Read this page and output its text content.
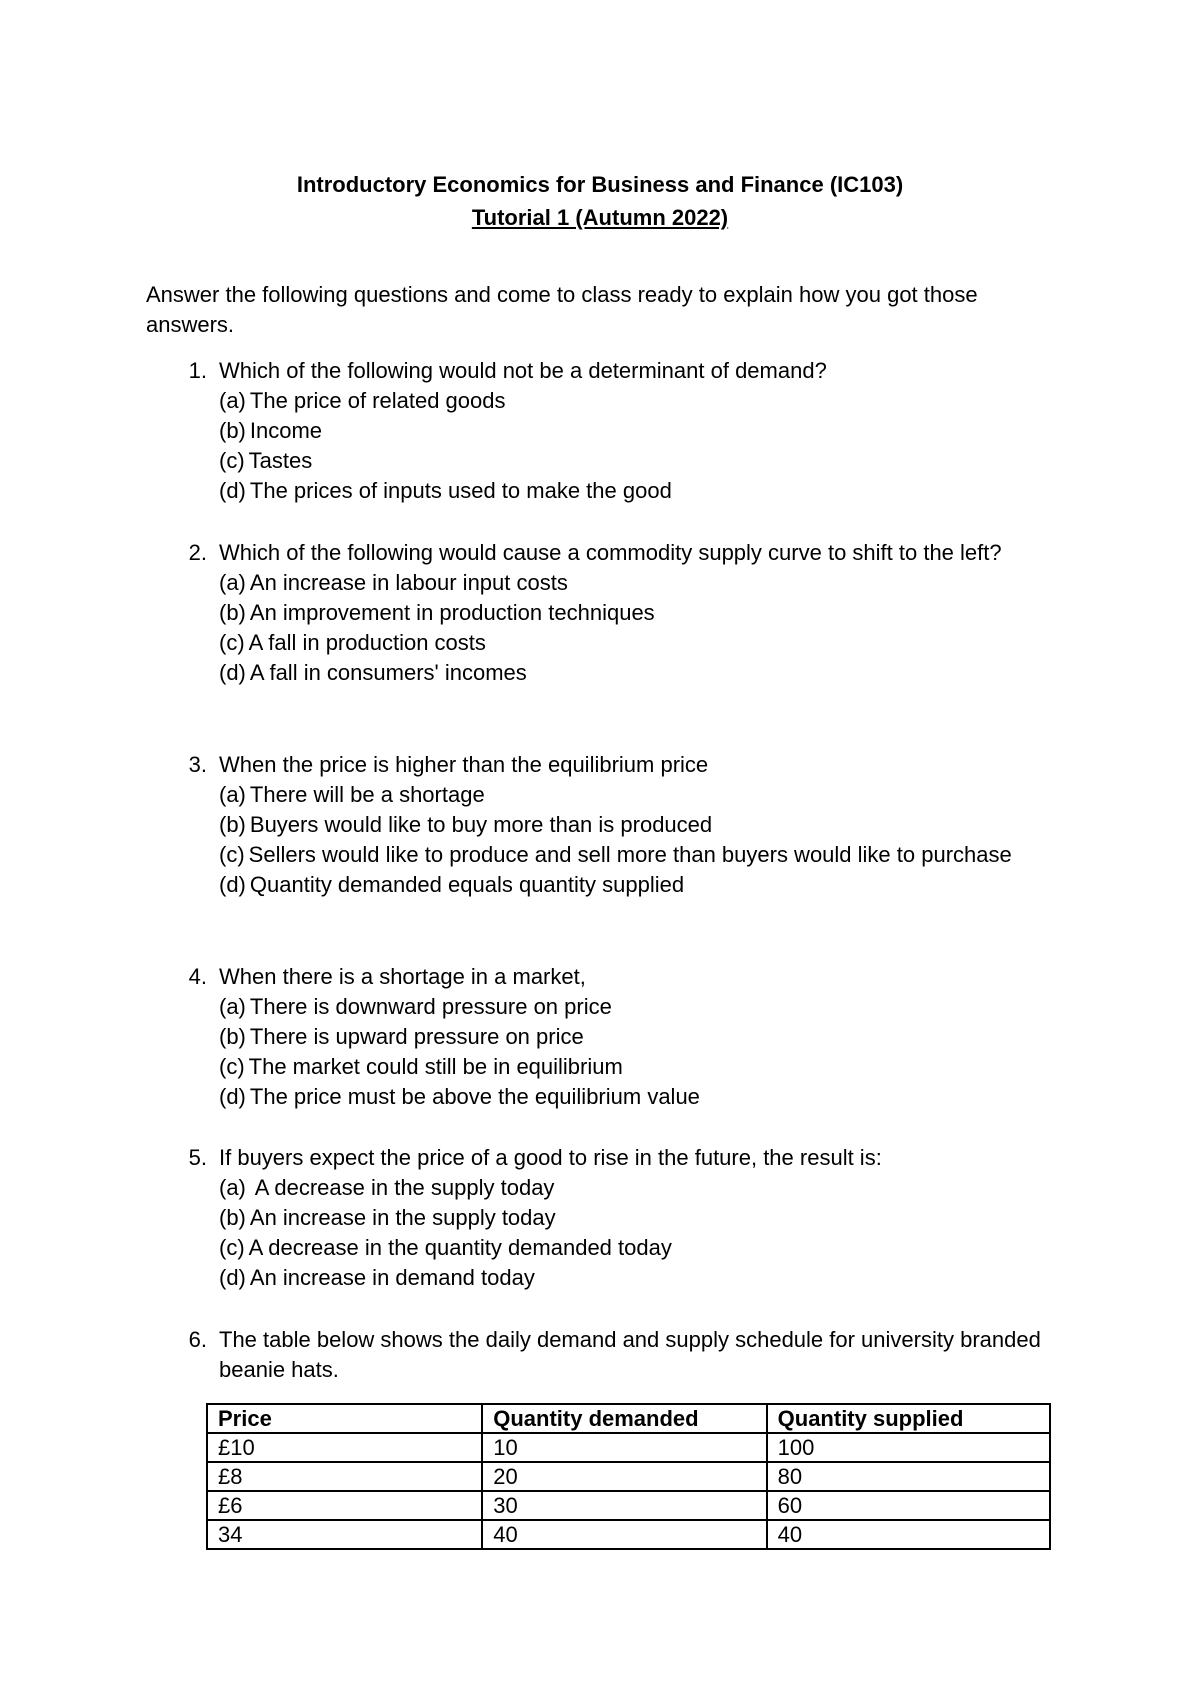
Introductory Economics for Business and Finance (IC103)
Tutorial 1 (Autumn 2022)
Answer the following questions and come to class ready to explain how you got those answers.
1. Which of the following would not be a determinant of demand?
(a) The price of related goods
(b) Income
(c) Tastes
(d) The prices of inputs used to make the good
2. Which of the following would cause a commodity supply curve to shift to the left?
(a) An increase in labour input costs
(b) An improvement in production techniques
(c) A fall in production costs
(d) A fall in consumers' incomes
3. When the price is higher than the equilibrium price
(a) There will be a shortage
(b) Buyers would like to buy more than is produced
(c) Sellers would like to produce and sell more than buyers would like to purchase
(d) Quantity demanded equals quantity supplied
4. When there is a shortage in a market,
(a) There is downward pressure on price
(b) There is upward pressure on price
(c) The market could still be in equilibrium
(d) The price must be above the equilibrium value
5. If buyers expect the price of a good to rise in the future, the result is:
(a) A decrease in the supply today
(b) An increase in the supply today
(c) A decrease in the quantity demanded today
(d) An increase in demand today
6. The table below shows the daily demand and supply schedule for university branded beanie hats.
Price	Quantity demanded	Quantity supplied
£10	10	100
£8	20	80
£6	30	60
34	40	40
